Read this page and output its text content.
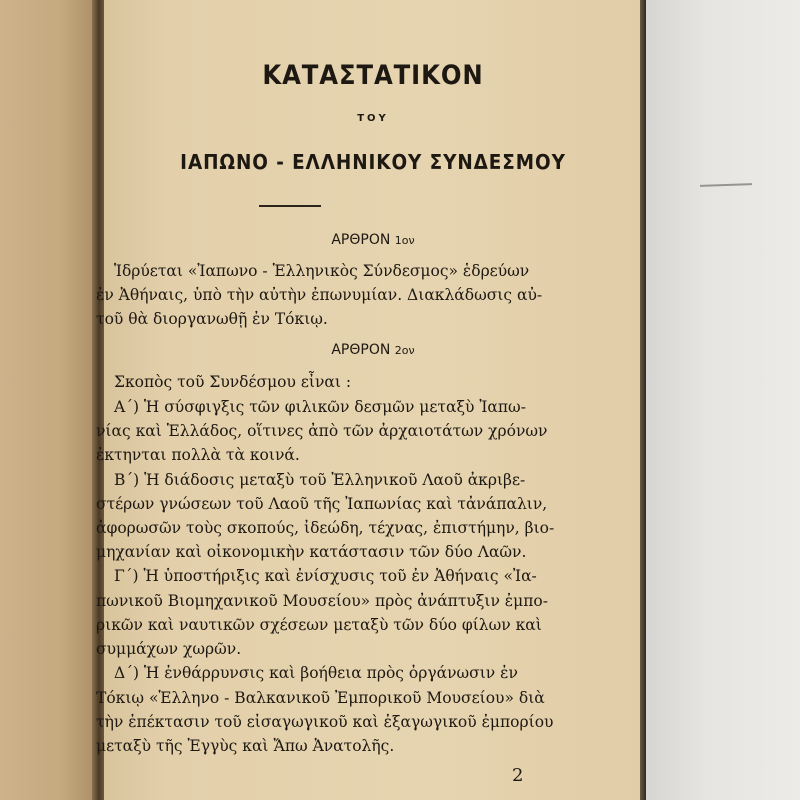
ΚΑΤΑΣΤΑΤΙΚΟΝ
ΤΟΥ
ΙΑΠΩΝΟ - ΕΛΛΗΝΙΚΟΥ ΣΥΝΔΕΣΜΟΥ
ΑΡΘΡΟΝ 1ον
Ἱδρύεται «Ἰαπωνο - Ἑλληνικὸς Σύνδεσμος» ἑδρεύων
ἐν Ἀθήναις, ὑπὸ τὴν αὐτὴν ἐπωνυμίαν. Διακλάδωσις αὐ-
τοῦ θὰ διοργανωθῇ ἐν Τόκιῳ.
ΑΡΘΡΟΝ 2ον
Σκοπὸς τοῦ Συνδέσμου εἶναι :
Α΄) Ἡ σύσφιγξις τῶν φιλικῶν δεσμῶν μεταξὺ Ἰαπω-
νίας καὶ Ἑλλάδος, οἵτινες ἀπὸ τῶν ἀρχαιοτάτων χρόνων
ἐκτηνται πολλὰ τὰ κοινά.
Β΄) Ἡ διάδοσις μεταξὺ τοῦ Ἑλληνικοῦ Λαοῦ ἀκριβε-
στέρων γνώσεων τοῦ Λαοῦ τῆς Ἰαπωνίας καὶ τἀνάπαλιν,
ἀφορωσῶν τοὺς σκοπούς, ἰδεώδη, τέχνας, ἐπιστήμην, βιο-
μηχανίαν καὶ οἰκονομικὴν κατάστασιν τῶν δύο Λαῶν.
Γ΄) Ἡ ὑποστήριξις καὶ ἐνίσχυσις τοῦ ἐν Ἀθήναις «Ἰα-
πωνικοῦ Βιομηχανικοῦ Μουσείου» πρὸς ἀνάπτυξιν ἐμπο-
ρικῶν καὶ ναυτικῶν σχέσεων μεταξὺ τῶν δύο φίλων καὶ
συμμάχων χωρῶν.
Δ΄) Ἡ ἐνθάρρυνσις καὶ βοήθεια πρὸς ὀργάνωσιν ἐν
Τόκιῳ «Ἑλληνο - Βαλκανικοῦ Ἐμπορικοῦ Μουσείου» διὰ
τὴν ἐπέκτασιν τοῦ εἰσαγωγικοῦ καὶ ἐξαγωγικοῦ ἐμπορίου
μεταξὺ τῆς Ἐγγὺς καὶ Ἄπω Ἀνατολῆς.
2
